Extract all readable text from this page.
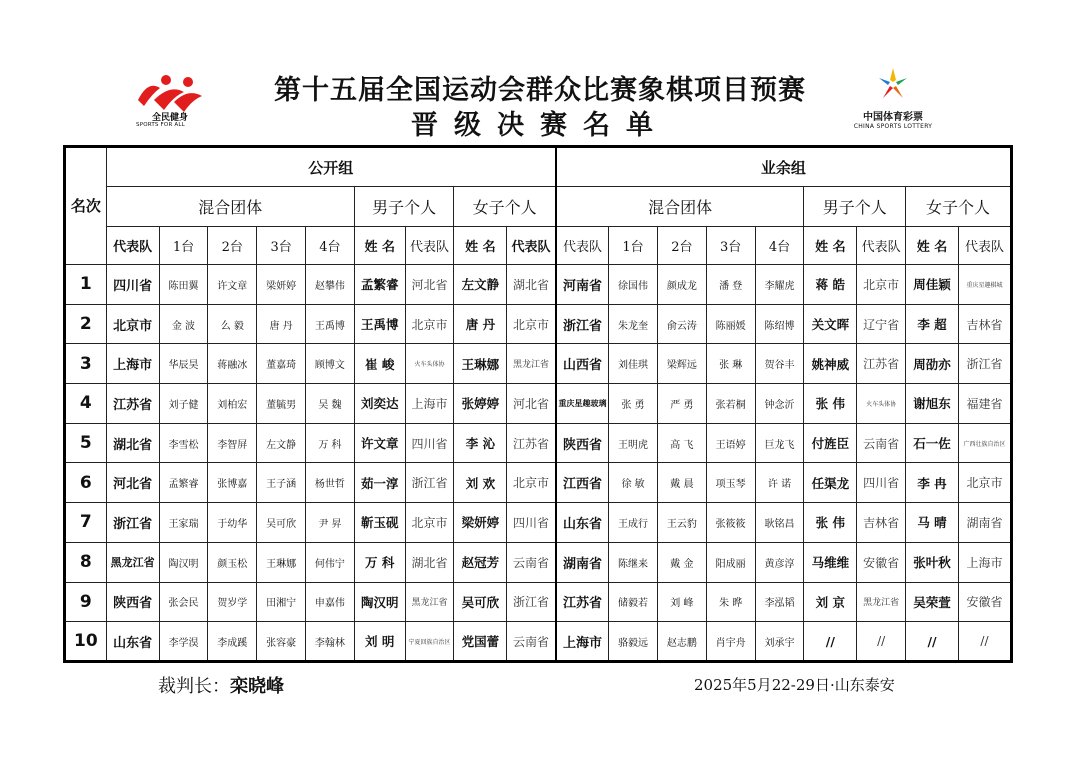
全民健身
SPORTS FOR ALL
第十五届全国运动会群众比赛象棋项目预赛
晋级决赛名单	中国体育彩票
CHINA SPORTS LOTTERY
名次	公开组									业余组								
	混合团体					男子个人		女子个人		混合团体					男子个人		女子个人	
	代表队	1台	2台	3台	4台	姓 名	代表队	姓 名	代表队	代表队	1台	2台	3台	4台	姓 名	代表队	姓 名	代表队
1	四川省	陈田翼	许文章	梁妍婷	赵攀伟	孟繁睿	河北省	左文静	湖北省	河南省	徐国伟	颜成龙	潘 登	李耀虎	蒋 皓	北京市	周佳颖	重庆星趣棋城
2	北京市	金 波	么 毅	唐 丹	王禹博	王禹博	北京市	唐 丹	北京市	浙江省	朱龙奎	俞云涛	陈丽媛	陈绍博	关文晖	辽宁省	李 超	吉林省
3	上海市	华辰昊	蒋融冰	董嘉琦	顾博文	崔 峻	火车头体协	王琳娜	黑龙江省	山西省	刘佳琪	梁辉远	张 琳	贺谷丰	姚神威	江苏省	周劭亦	浙江省
4	江苏省	刘子健	刘柏宏	董毓男	吴 魏	刘奕达	上海市	张婷婷	河北省	重庆星趣玻璃	张 勇	严 勇	张若桐	钟念沂	张 伟	火车头体协	谢旭东	福建省
5	湖北省	李雪松	李智屏	左文静	万 科	许文章	四川省	李 沁	江苏省	陕西省	王明虎	高 飞	王语婷	巨龙飞	付旌臣	云南省	石一佐	广西壮族自治区
6	河北省	孟繁睿	张博嘉	王子涵	杨世哲	茹一淳	浙江省	刘 欢	北京市	江西省	徐 敏	戴 晨	项玉琴	许 诺	任渠龙	四川省	李 冉	北京市
7	浙江省	王家瑞	于幼华	吴可欣	尹 昇	靳玉砚	北京市	梁妍婷	四川省	山东省	王成行	王云豹	张筱筱	耿铭昌	张 伟	吉林省	马 晴	湖南省
8	黑龙江省	陶汉明	颜玉松	王琳娜	何伟宁	万 科	湖北省	赵冠芳	云南省	湖南省	陈继来	戴 金	阳成丽	黄彦淳	马维维	安徽省	张叶秋	上海市
9	陕西省	张会民	贺岁学	田湘宁	申嘉伟	陶汉明	黑龙江省	吴可欣	浙江省	江苏省	储毅若	刘 峰	朱 晔	李泓韬	刘 京	黑龙江省	吴荣萱	安徽省
10	山东省	李学淏	李成蹊	张容豪	李翰林	刘 明	宁夏回族自治区	党国蕾	云南省	上海市	骆毅远	赵志鹏	肖宇舟	刘承宇	//	//	//	//
裁判长：栾晓峰	2025年5月22-29日·山东泰安
